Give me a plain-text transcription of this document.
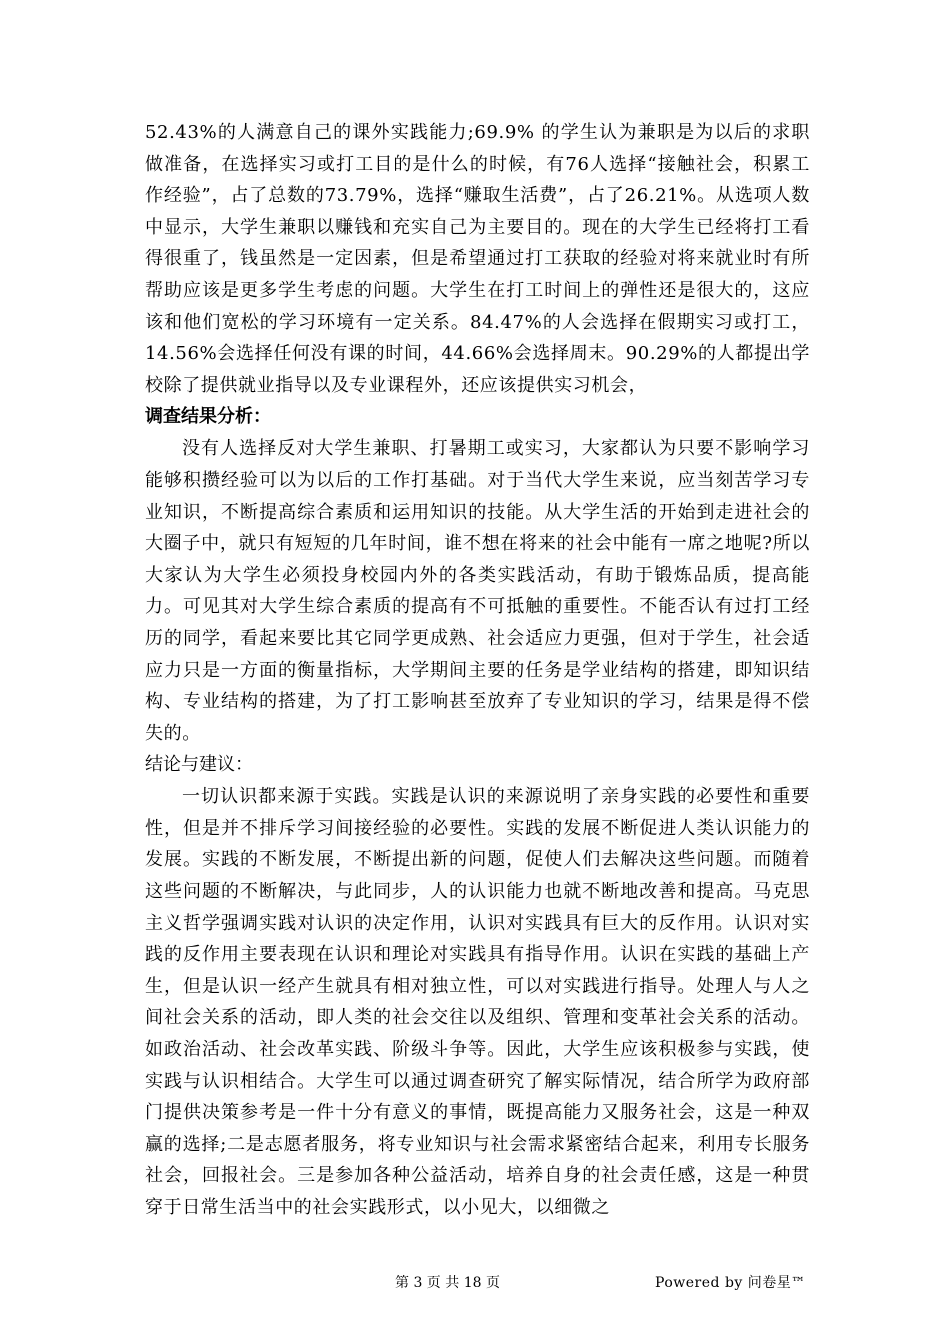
52.43%的人满意自己的课外实践能力;69.9% 的学生认为兼职是为以后的求职做准备，在选择实习或打工目的是什么的时候，有76人选择“接触社会，积累工作经验”，占了总数的73.79%，选择“赚取生活费”，占了26.21%。从选项人数中显示，大学生兼职以赚钱和充实自己为主要目的。现在的大学生已经将打工看得很重了，钱虽然是一定因素，但是希望通过打工获取的经验对将来就业时有所帮助应该是更多学生考虑的问题。大学生在打工时间上的弹性还是很大的，这应该和他们宽松的学习环境有一定关系。84.47%的人会选择在假期实习或打工，14.56%会选择任何没有课的时间，44.66%会选择周末。90.29%的人都提出学校除了提供就业指导以及专业课程外，还应该提供实习机会，

调查结果分析：

没有人选择反对大学生兼职、打暑期工或实习，大家都认为只要不影响学习能够积攒经验可以为以后的工作打基础。对于当代大学生来说，应当刻苦学习专业知识，不断提高综合素质和运用知识的技能。从大学生活的开始到走进社会的大圈子中，就只有短短的几年时间，谁不想在将来的社会中能有一席之地呢?所以大家认为大学生必须投身校园内外的各类实践活动，有助于锻炼品质，提高能力。可见其对大学生综合素质的提高有不可抵触的重要性。不能否认有过打工经历的同学，看起来要比其它同学更成熟、社会适应力更强，但对于学生，社会适应力只是一方面的衡量指标，大学期间主要的任务是学业结构的搭建，即知识结构、专业结构的搭建，为了打工影响甚至放弃了专业知识的学习，结果是得不偿失的。

结论与建议：

一切认识都来源于实践。实践是认识的来源说明了亲身实践的必要性和重要性，但是并不排斥学习间接经验的必要性。实践的发展不断促进人类认识能力的发展。实践的不断发展，不断提出新的问题，促使人们去解决这些问题。而随着这些问题的不断解决，与此同步，人的认识能力也就不断地改善和提高。马克思主义哲学强调实践对认识的决定作用，认识对实践具有巨大的反作用。认识对实践的反作用主要表现在认识和理论对实践具有指导作用。认识在实践的基础上产生，但是认识一经产生就具有相对独立性，可以对实践进行指导。处理人与人之间社会关系的活动，即人类的社会交往以及组织、管理和变革社会关系的活动。如政治活动、社会改革实践、阶级斗争等。因此，大学生应该积极参与实践，使实践与认识相结合。大学生可以通过调查研究了解实际情况，结合所学为政府部门提供决策参考是一件十分有意义的事情，既提高能力又服务社会，这是一种双赢的选择;二是志愿者服务，将专业知识与社会需求紧密结合起来，利用专长服务社会，回报社会。三是参加各种公益活动，培养自身的社会责任感，这是一种贯穿于日常生活当中的社会实践形式，以小见大，以细微之

第 3 页 共 18 页	Powered by 问卷星™
